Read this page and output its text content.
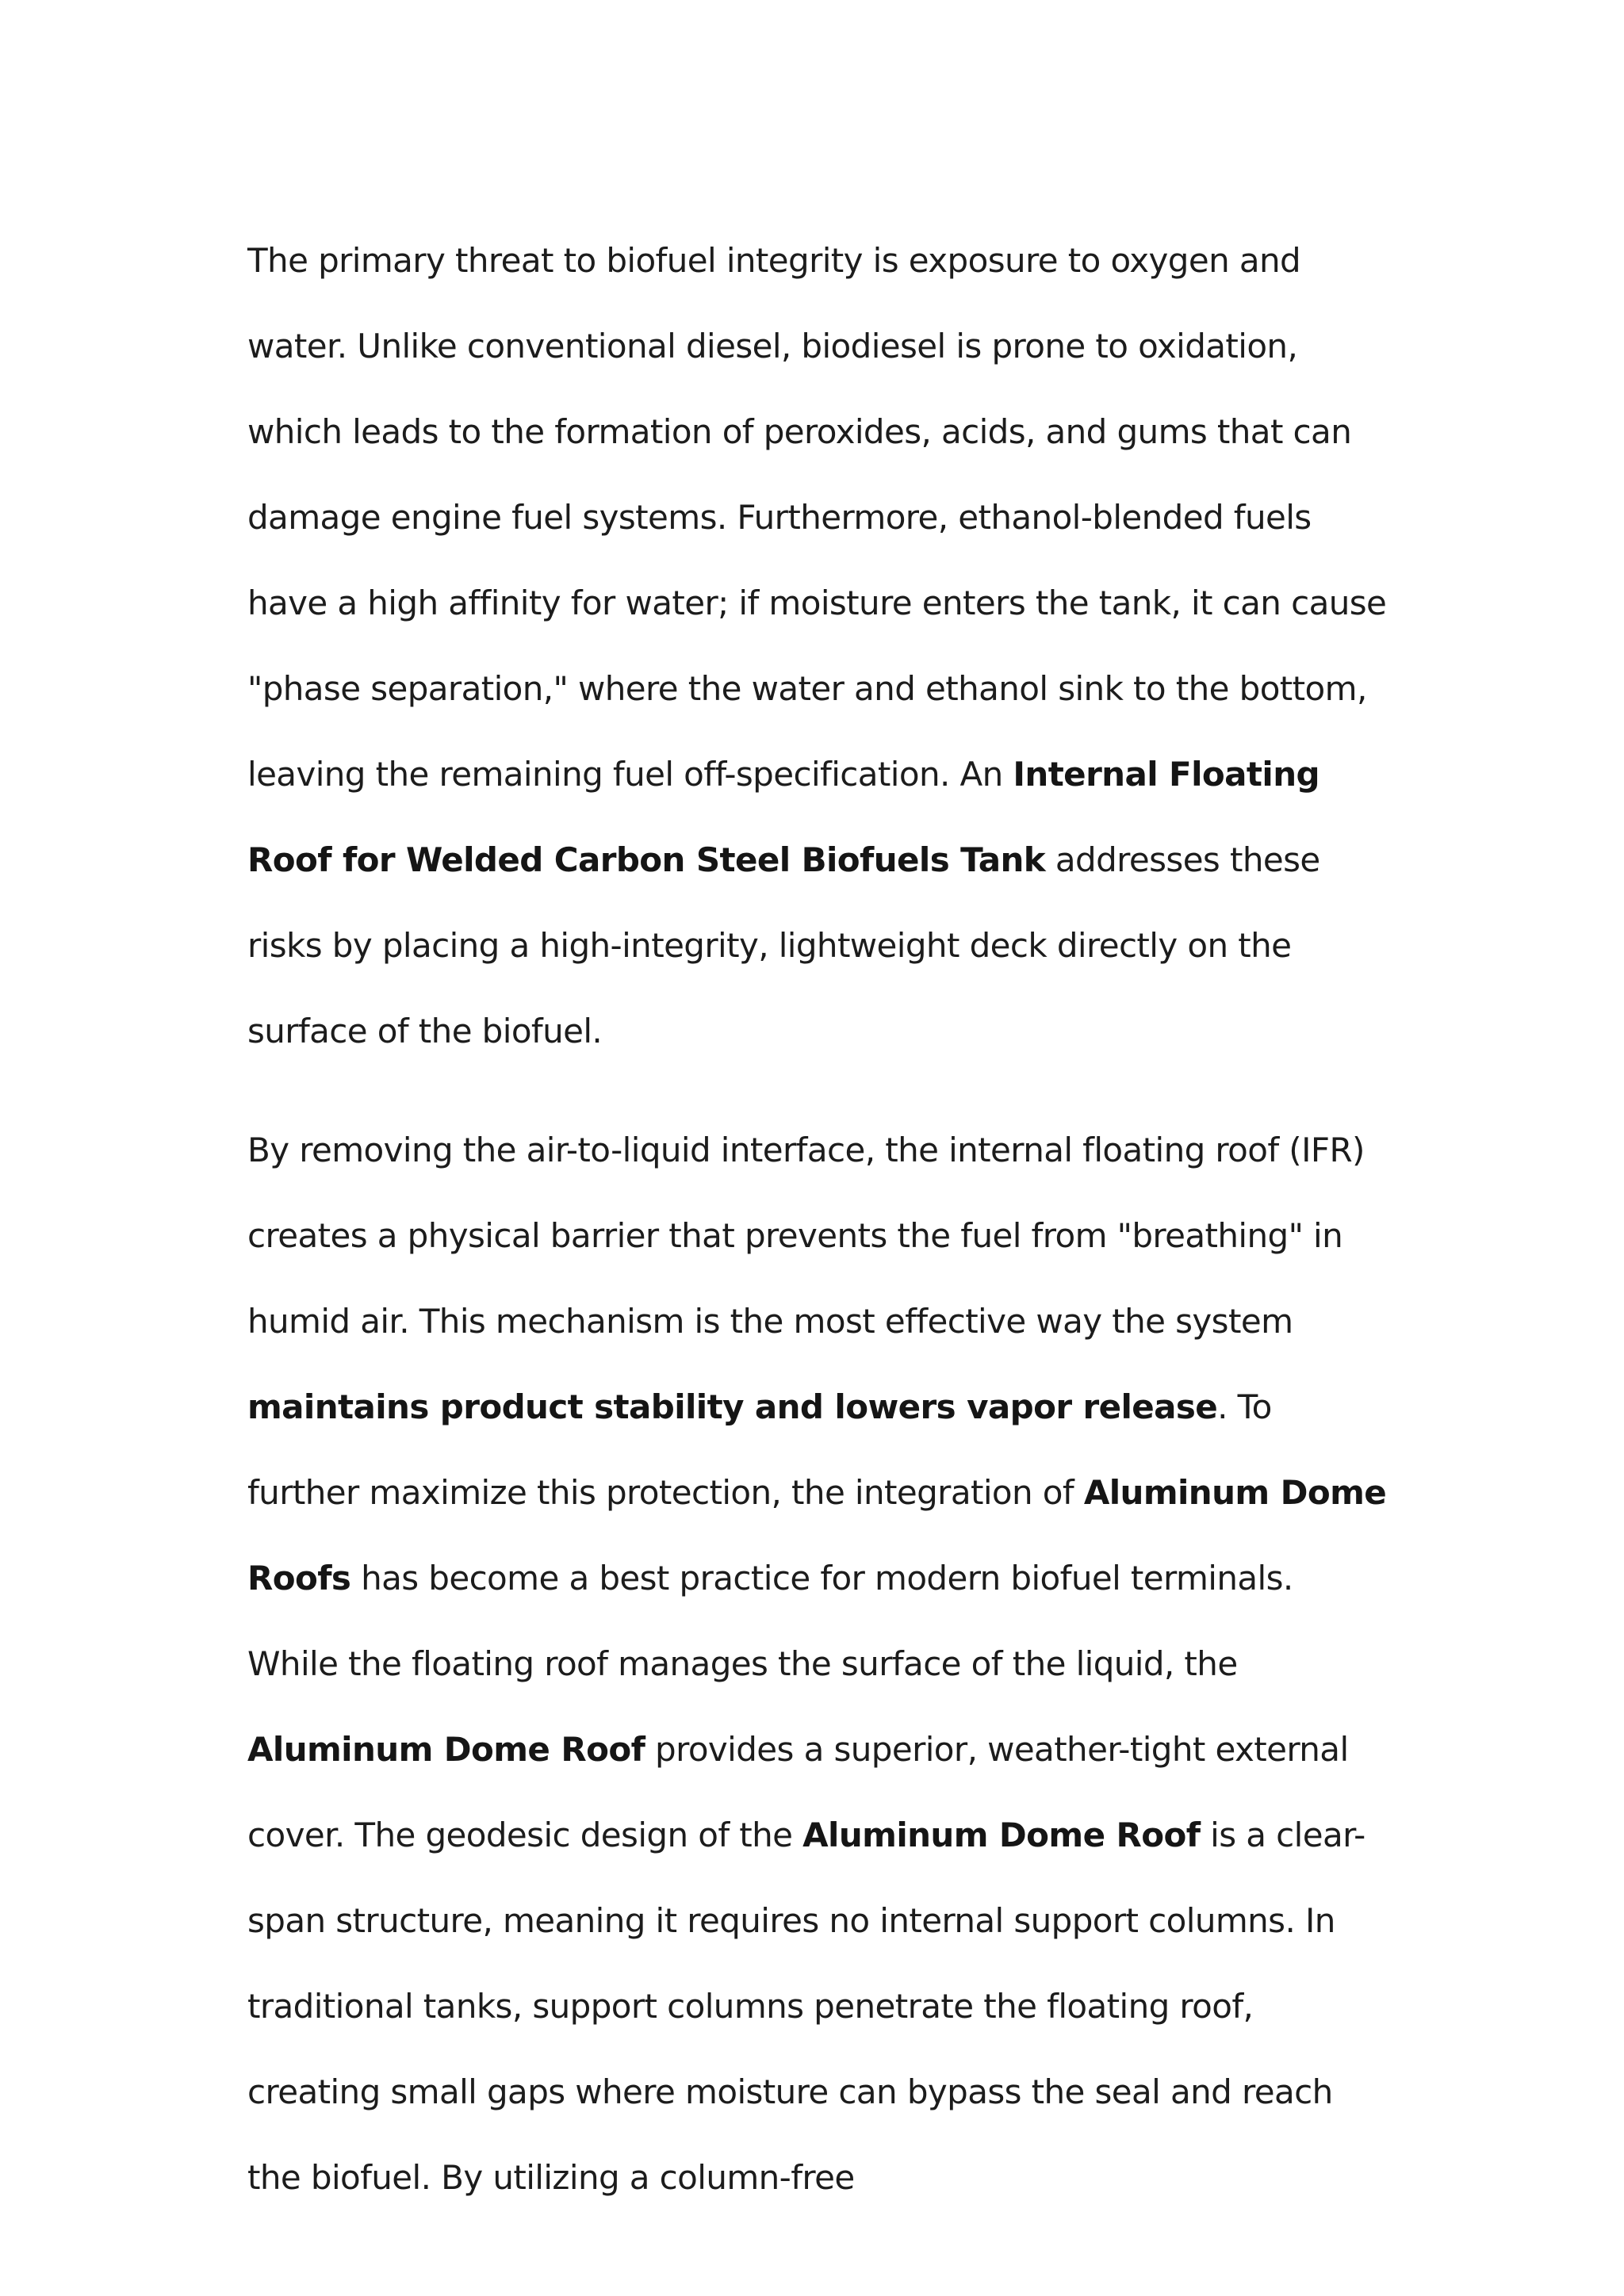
The primary threat to biofuel integrity is exposure to oxygen and water. Unlike conventional diesel, biodiesel is prone to oxidation, which leads to the formation of peroxides, acids, and gums that can damage engine fuel systems. Furthermore, ethanol-blended fuels have a high affinity for water; if moisture enters the tank, it can cause "phase separation," where the water and ethanol sink to the bottom, leaving the remaining fuel off-specification. An Internal Floating Roof for Welded Carbon Steel Biofuels Tank addresses these risks by placing a high-integrity, lightweight deck directly on the surface of the biofuel.

By removing the air-to-liquid interface, the internal floating roof (IFR) creates a physical barrier that prevents the fuel from "breathing" in humid air. This mechanism is the most effective way the system maintains product stability and lowers vapor release. To further maximize this protection, the integration of Aluminum Dome Roofs has become a best practice for modern biofuel terminals. While the floating roof manages the surface of the liquid, the Aluminum Dome Roof provides a superior, weather-tight external cover. The geodesic design of the Aluminum Dome Roof is a clear-span structure, meaning it requires no internal support columns. In traditional tanks, support columns penetrate the floating roof, creating small gaps where moisture can bypass the seal and reach the biofuel. By utilizing a column-free
